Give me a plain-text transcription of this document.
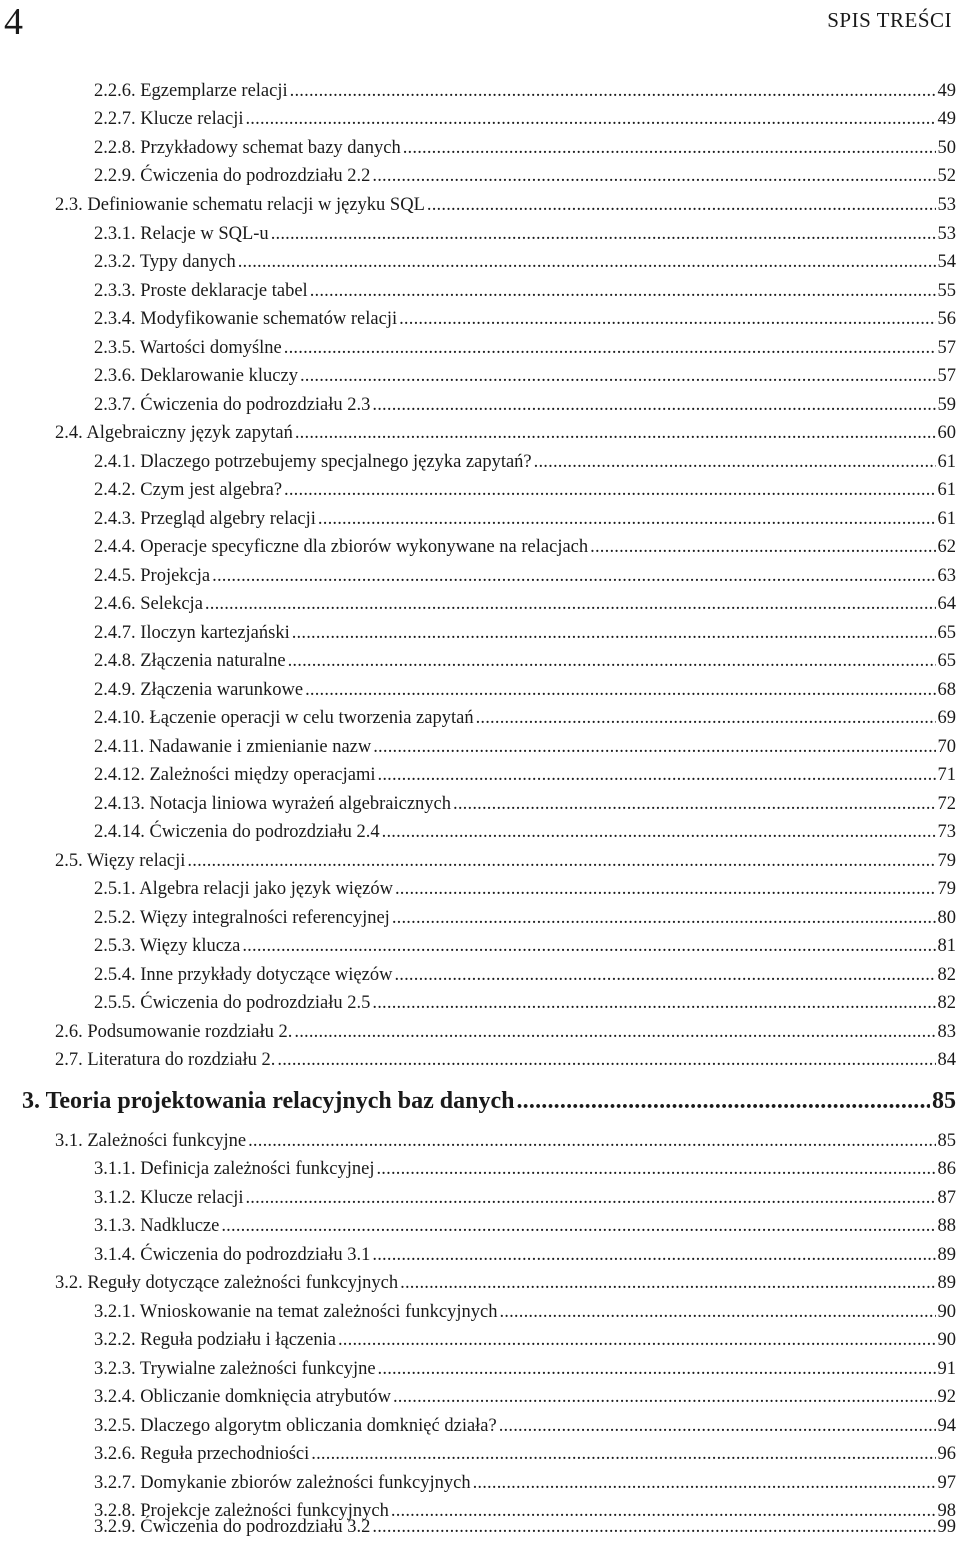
4	SPIS TREŚCI
2.2.6. Egzemplarze relacji .....	49
2.2.7. Klucze relacji .....	49
2.2.8. Przykładowy schemat bazy danych .....	50
2.2.9. Ćwiczenia do podrozdziału 2.2 .....	52
2.3. Definiowanie schematu relacji w języku SQL .....	53
2.3.1. Relacje w SQL-u .....	53
2.3.2. Typy danych .....	54
2.3.3. Proste deklaracje tabel .....	55
2.3.4. Modyfikowanie schematów relacji .....	56
2.3.5. Wartości domyślne .....	57
2.3.6. Deklarowanie kluczy .....	57
2.3.7. Ćwiczenia do podrozdziału 2.3 .....	59
2.4. Algebraiczny język zapytań .....	60
2.4.1. Dlaczego potrzebujemy specjalnego języka zapytań? .....	61
2.4.2. Czym jest algebra? .....	61
2.4.3. Przegląd algebry relacji .....	61
2.4.4. Operacje specyficzne dla zbiorów wykonywane na relacjach .....	62
2.4.5. Projekcja .....	63
2.4.6. Selekcja .....	64
2.4.7. Iloczyn kartezjański .....	65
2.4.8. Złączenia naturalne .....	65
2.4.9. Złączenia warunkowe .....	68
2.4.10. Łączenie operacji w celu tworzenia zapytań .....	69
2.4.11. Nadawanie i zmienianie nazw .....	70
2.4.12. Zależności między operacjami .....	71
2.4.13. Notacja liniowa wyrażeń algebraicznych .....	72
2.4.14. Ćwiczenia do podrozdziału 2.4 .....	73
2.5. Więzy relacji .....	79
2.5.1. Algebra relacji jako język więzów .....	79
2.5.2. Więzy integralności referencyjnej .....	80
2.5.3. Więzy klucza .....	81
2.5.4. Inne przykłady dotyczące więzów .....	82
2.5.5. Ćwiczenia do podrozdziału 2.5 .....	82
2.6. Podsumowanie rozdziału 2. .....	83
2.7. Literatura do rozdziału 2. .....	84
3. Teoria projektowania relacyjnych baz danych .....	85
3.1. Zależności funkcyjne .....	85
3.1.1. Definicja zależności funkcyjnej .....	86
3.1.2. Klucze relacji .....	87
3.1.3. Nadklucze .....	88
3.1.4. Ćwiczenia do podrozdziału 3.1 .....	89
3.2. Reguły dotyczące zależności funkcyjnych .....	89
3.2.1. Wnioskowanie na temat zależności funkcyjnych .....	90
3.2.2. Reguła podziału i łączenia .....	90
3.2.3. Trywialne zależności funkcyjne .....	91
3.2.4. Obliczanie domknięcia atrybutów .....	92
3.2.5. Dlaczego algorytm obliczania domknięć działa? .....	94
3.2.6. Reguła przechodniości .....	96
3.2.7. Domykanie zbiorów zależności funkcyjnych .....	97
3.2.8. Projekcje zależności funkcyjnych .....	98
3.2.9. Ćwiczenia do podrozdziału 3.2 .....	99
